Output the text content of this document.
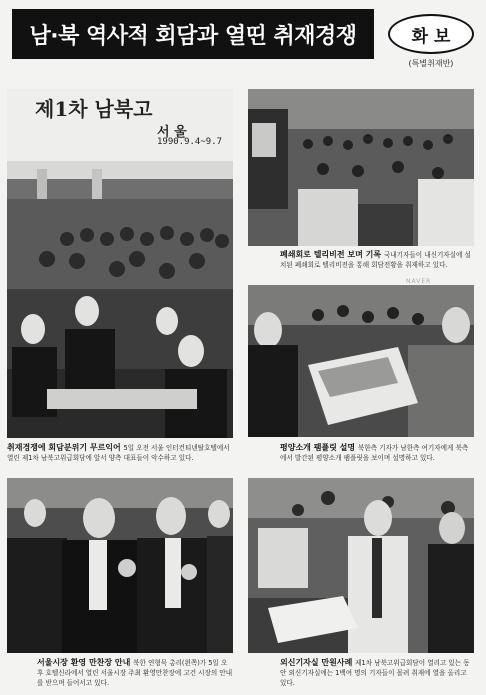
남·북 역사적 회담과 열띤 취재경쟁	화 보
(특별취재반)
제1차 남북고
서 울
1990.9.4~9.7
취재경쟁에 회담분위기 무르익어 5일 오전 서울 인터컨티넨탈호텔에서 열린 제1차 남북고위급회담에 앞서 양측 대표들이 악수하고 있다.
폐쇄회로 텔리비전 보며 기록 국내기자들이 내신기자실에 설치된 폐쇄회로 텔리비전을 통해 회담전황을 취재하고 있다.
NAVER
평양소개 팸플릿 설명 북한측 기자가 남한측 여기자에게 북측에서 발간된 평양소개 팸플릿을 보이며 설명하고 있다.
서울시장 환영 만찬장 안내 북한 연형묵 총리(왼쪽)가 5일 오후 호텔신라에서 열린 서울시장 주최 환영만찬장에 고건 시장의 안내를 받으며 들어서고 있다.
외신기자실 만원사례 제1차 남북고위급회담이 열리고 있는 동안 외신기자실에는 1백여 명의 기자들이 몰려 취재에 열을 올리고 있다.
